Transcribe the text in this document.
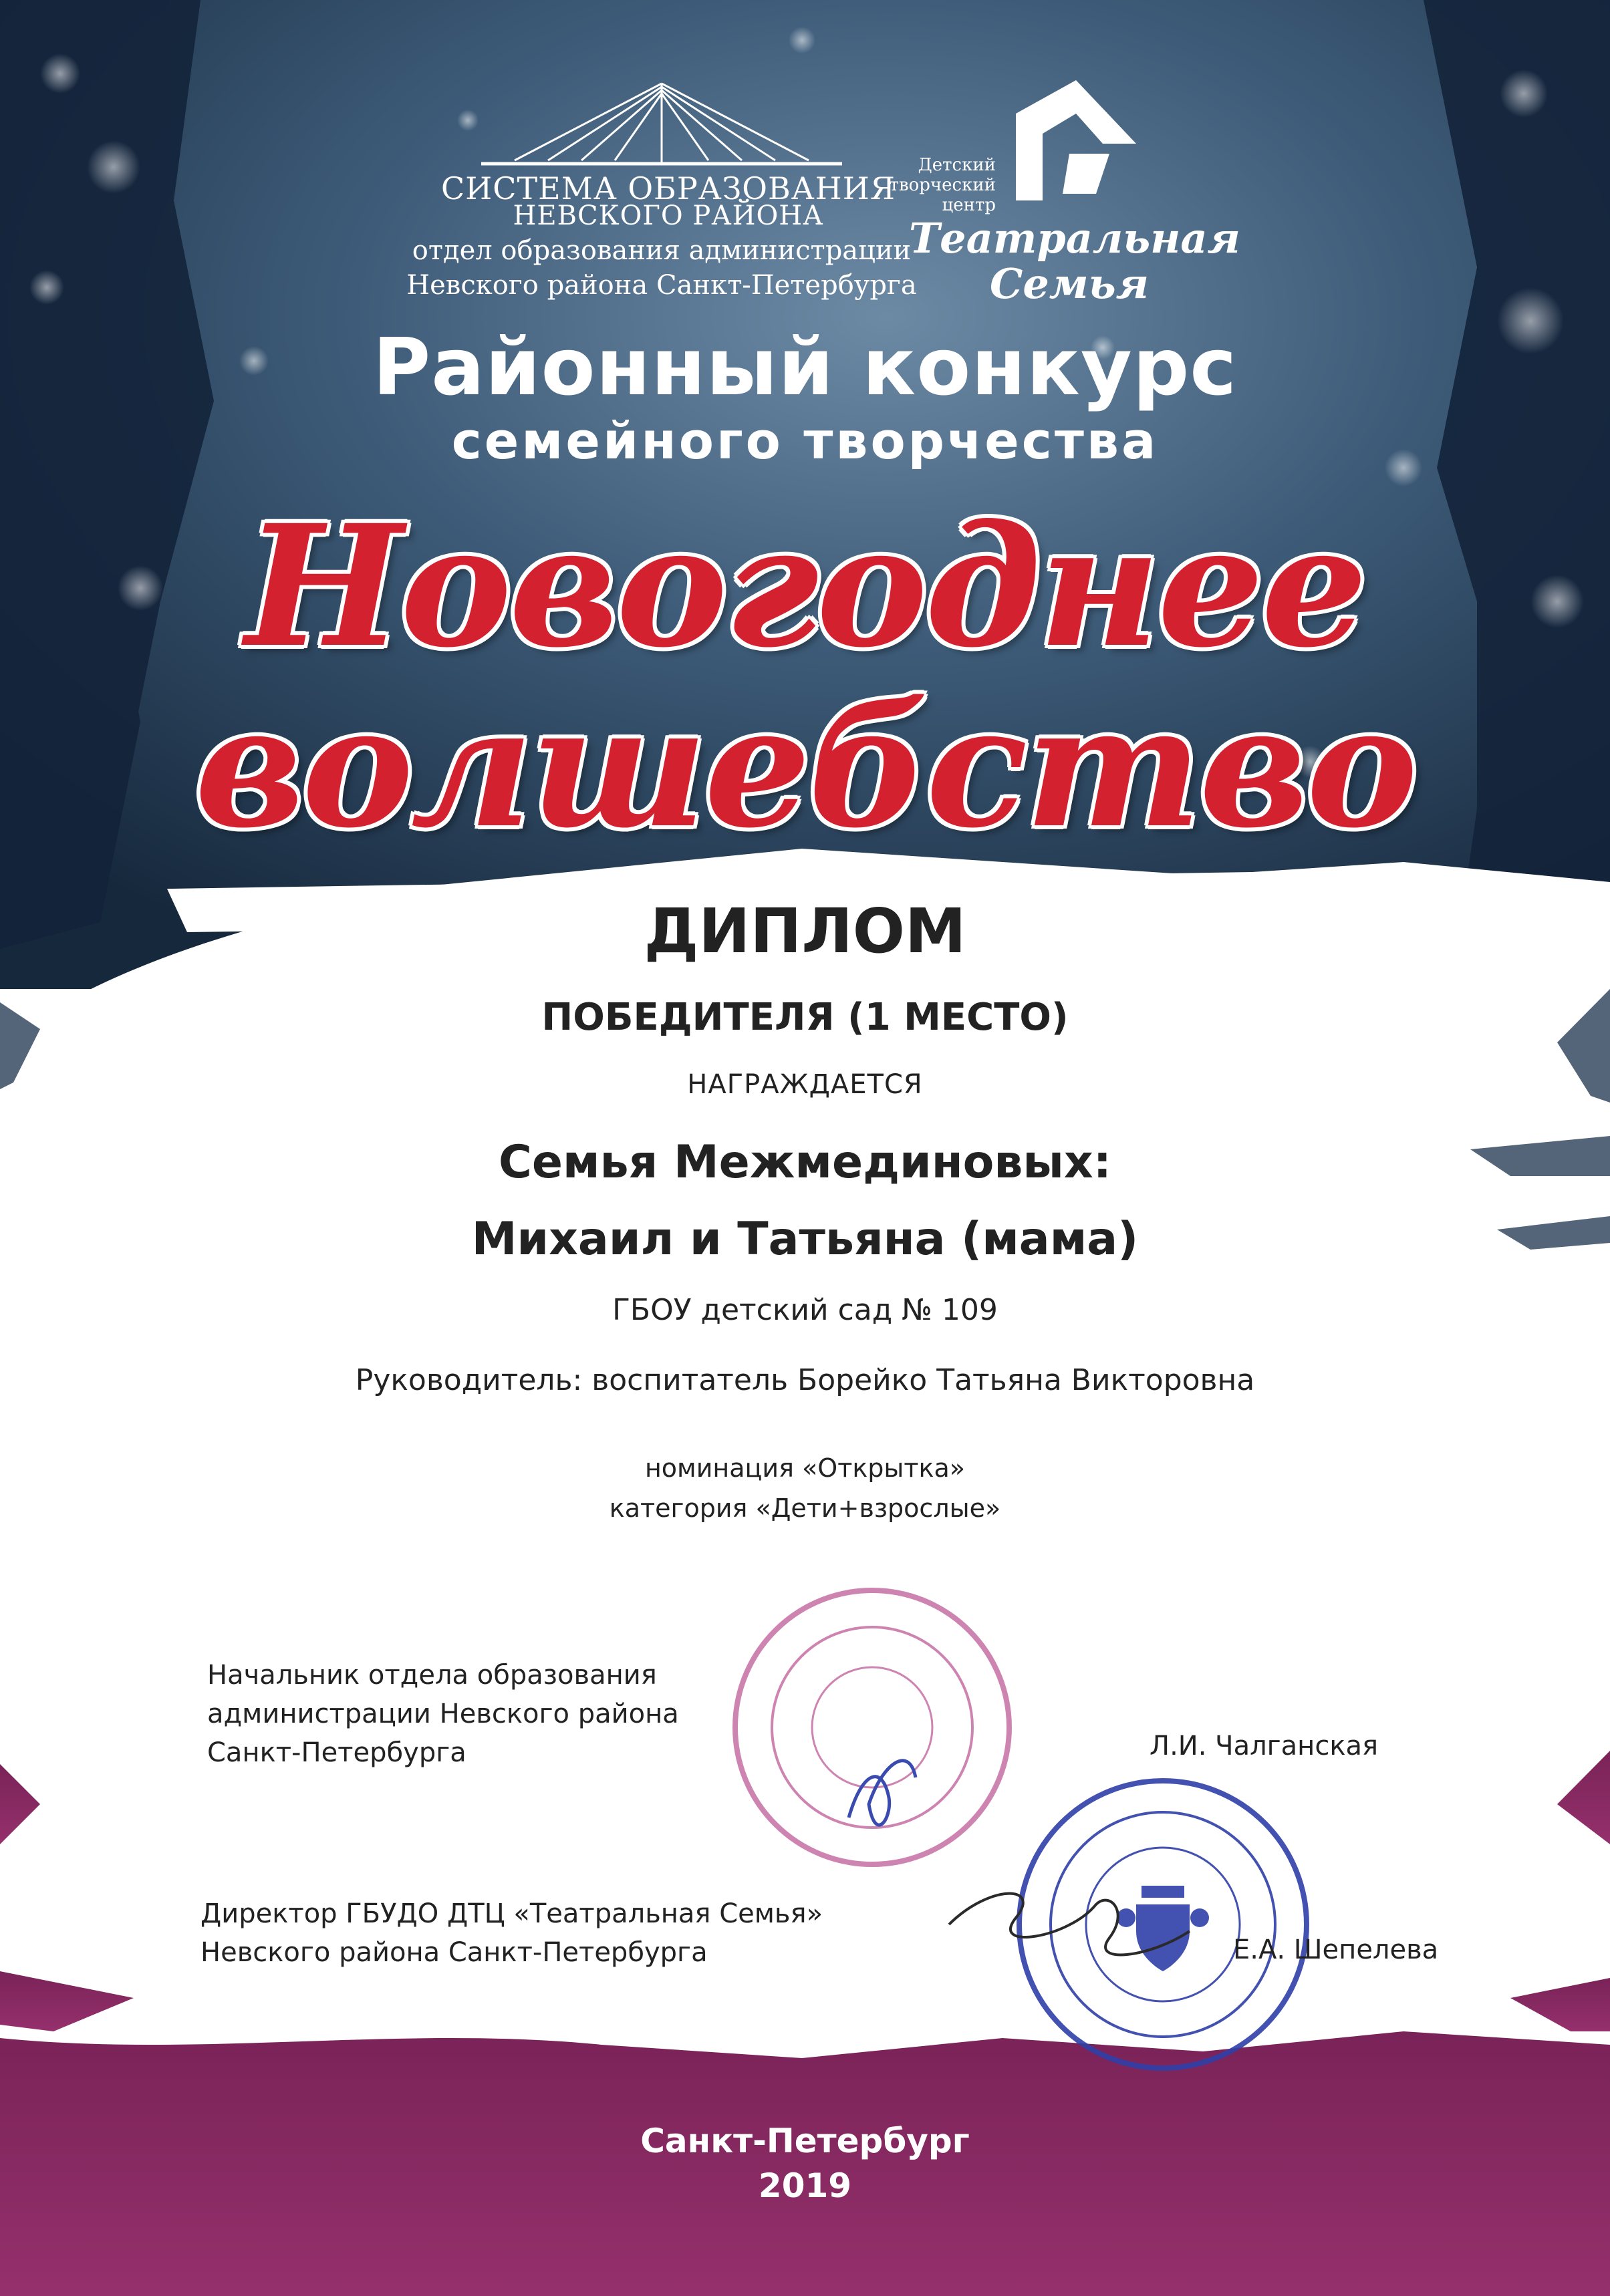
СИСТЕМА ОБРАЗОВАНИЯ
НЕВСКОГО РАЙОНА
отдел образования администрации
Невского района Санкт-Петербурга
Детский
творческий
центр
Театральная
Семья
Районный конкурс
семейного творчества
Новогоднее
волшебство
ДИПЛОМ
ПОБЕДИТЕЛЯ (1 МЕСТО)
НАГРАЖДАЕТСЯ
Семья Межмединовых:
Михаил и Татьяна (мама)
ГБОУ детский сад № 109
Руководитель: воспитатель Борейко Татьяна Викторовна
номинация «Открытка»
категория «Дети+взрослые»
Начальник отдела образования
администрации Невского района
Санкт-Петербурга	Л.И. Чалганская
Директор ГБУДО ДТЦ «Театральная Семья»
Невского района Санкт-Петербурга	Е.А. Шепелева
Санкт-Петербург
2019
